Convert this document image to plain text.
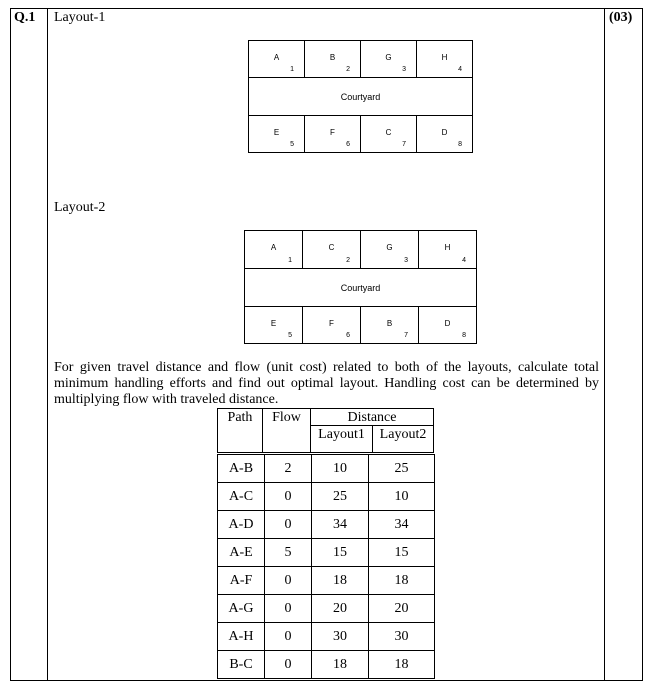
Q.1	(03)
Layout-1
A
1
B
2
G
3
H
4
Courtyard
E
5
F
6
C
7
D
8
Layout-2
A
1
C
2
G
3
H
4
Courtyard
E
5
F
6
B
7
D
8
For given travel distance and flow (unit cost) related to both of the layouts, calculate total minimum handling efforts and find out optimal layout. Handling cost can be determined by multiplying flow with traveled distance.
Path	Flow	Distance
Layout1	Layout2
A-B	2	10	25
A-C	0	25	10
A-D	0	34	34
A-E	5	15	15
A-F	0	18	18
A-G	0	20	20
A-H	0	30	30
B-C	0	18	18
